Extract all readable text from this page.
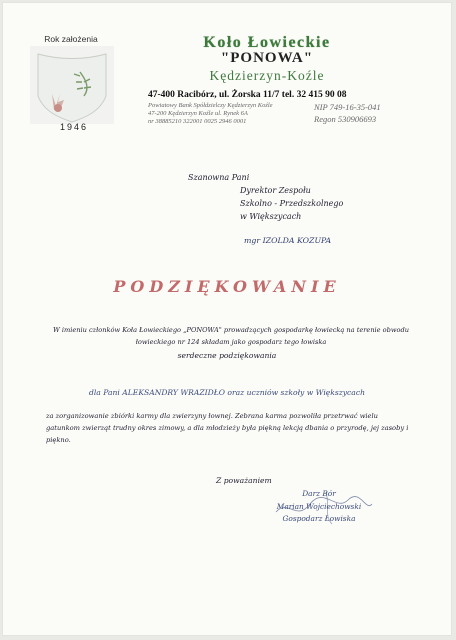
Rok założenia
1946
Koło Łowieckie
"PONOWA"
Kędzierzyn-Koźle
47-400 Racibórz, ul. Żorska 11/7 tel. 32 415 90 08
Powiatowy Bank Spółdzielczy Kędzierzyn Koźle
47-200 Kędzierzyn Koźle ul. Rynek 6A
nr 38885210 322001 0025 2946 0001
NIP 749-16-35-041
Regon 530906693
Szanowna Pani
Dyrektor Zespołu
Szkolno - Przedszkolnego
w Większycach
mgr IZOLDA KOZUPA
PODZIĘKOWANIE
W imieniu członków Koła Łowieckiego „PONOWA" prowadzących gospodarkę łowiecką na terenie obwodu łowieckiego nr 124 składam jako gospodarz tego łowiska
serdeczne podziękowania
dla Pani ALEKSANDRY WRAZIDŁO oraz uczniów szkoły w Większycach
za zorganizowanie zbiórki karmy dla zwierzyny łownej. Zebrana karma pozwoliła przetrwać wielu gatunkom zwierząt trudny okres zimowy, a dla młodzieży była piękną lekcją dbania o przyrodę, jej zasoby i piękno.
Z poważaniem
Darz Bór
Marian Wojciechowski
Gospodarz Łowiska
